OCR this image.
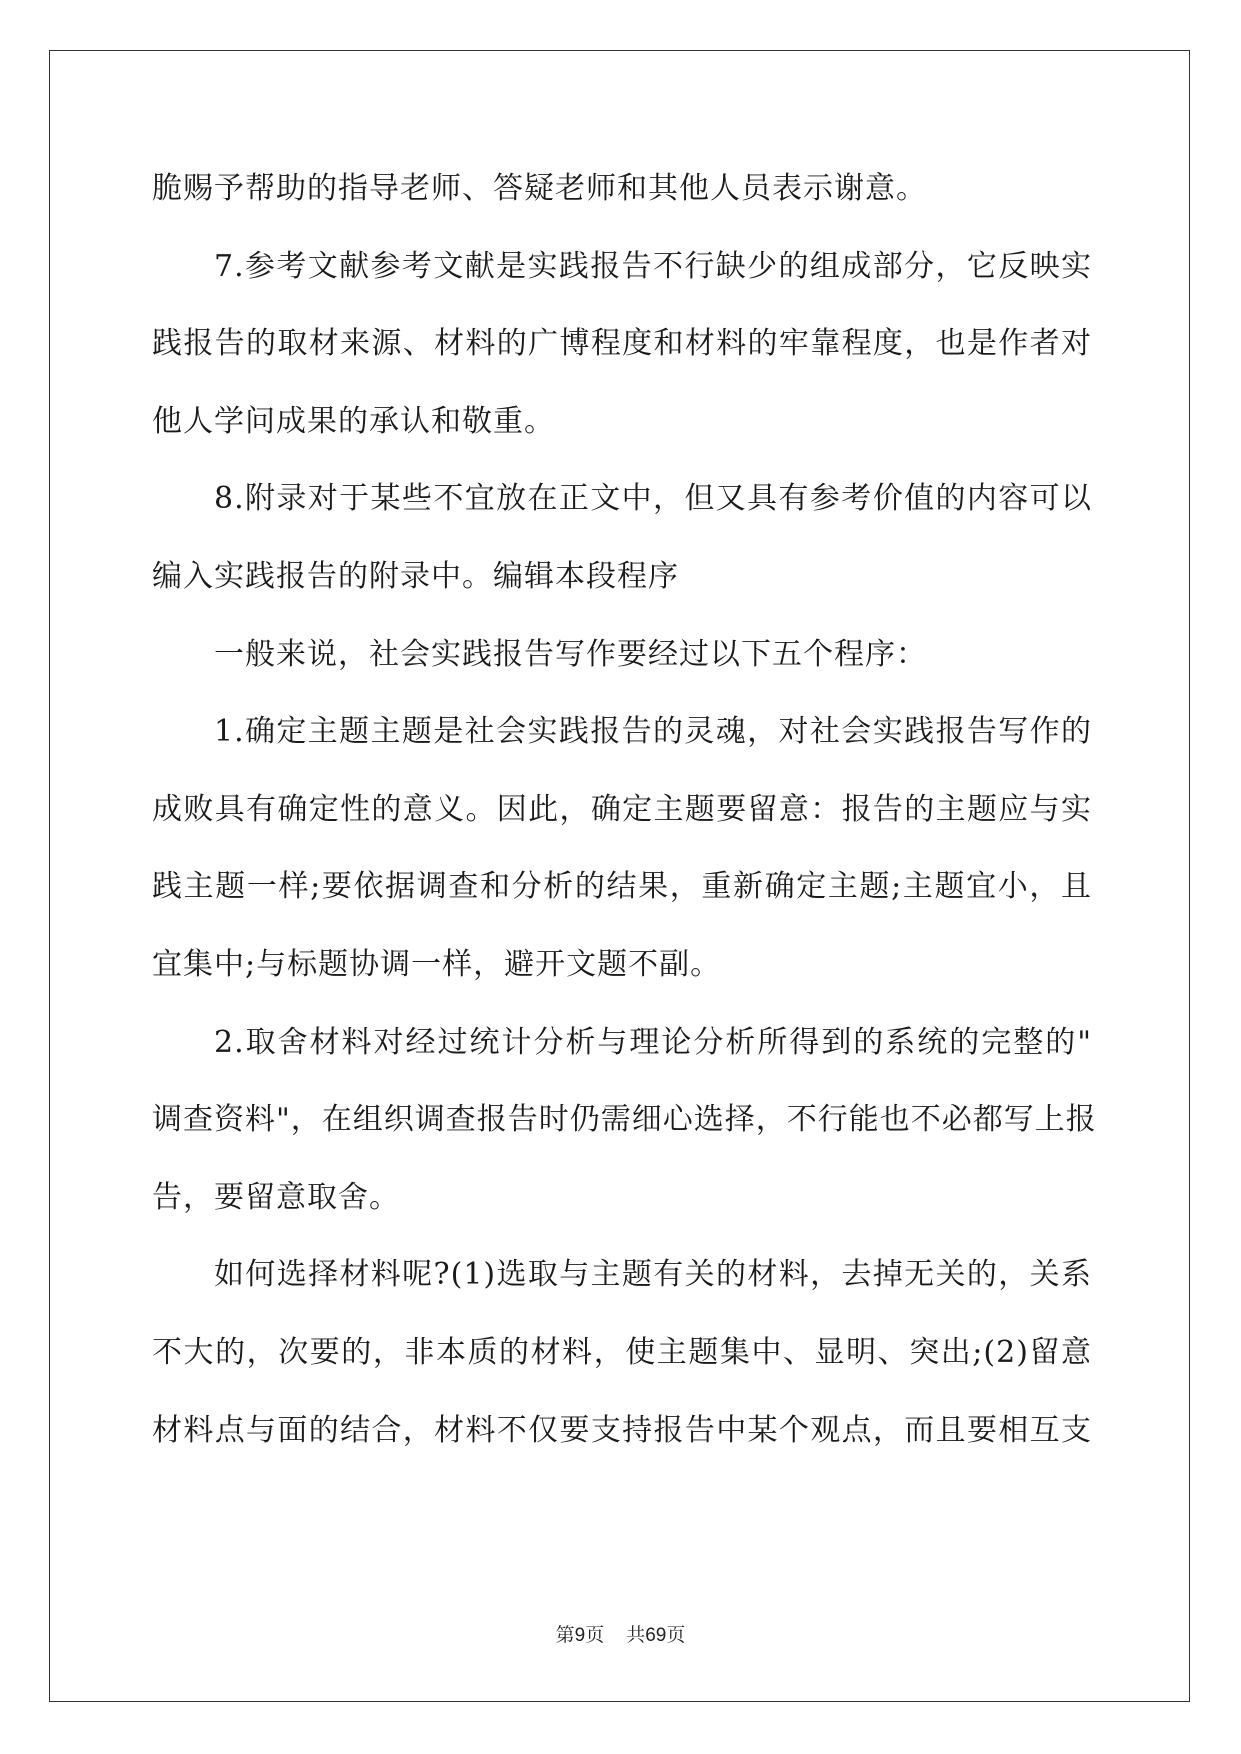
脆赐予帮助的指导老师、答疑老师和其他人员表示谢意。
7.参考文献参考文献是实践报告不行缺少的组成部分，它反映实
践报告的取材来源、材料的广博程度和材料的牢靠程度，也是作者对
他人学问成果的承认和敬重。
8.附录对于某些不宜放在正文中，但又具有参考价值的内容可以
编入实践报告的附录中。编辑本段程序
一般来说，社会实践报告写作要经过以下五个程序：
1.确定主题主题是社会实践报告的灵魂，对社会实践报告写作的
成败具有确定性的意义。因此，确定主题要留意：报告的主题应与实
践主题一样;要依据调查和分析的结果，重新确定主题;主题宜小，且
宜集中;与标题协调一样，避开文题不副。
2.取舍材料对经过统计分析与理论分析所得到的系统的完整的"
调查资料"，在组织调查报告时仍需细心选择，不行能也不必都写上报
告，要留意取舍。
如何选择材料呢?(1)选取与主题有关的材料，去掉无关的，关系
不大的，次要的，非本质的材料，使主题集中、显明、突出;(2)留意
材料点与面的结合，材料不仅要支持报告中某个观点，而且要相互支
第9页 共69页
